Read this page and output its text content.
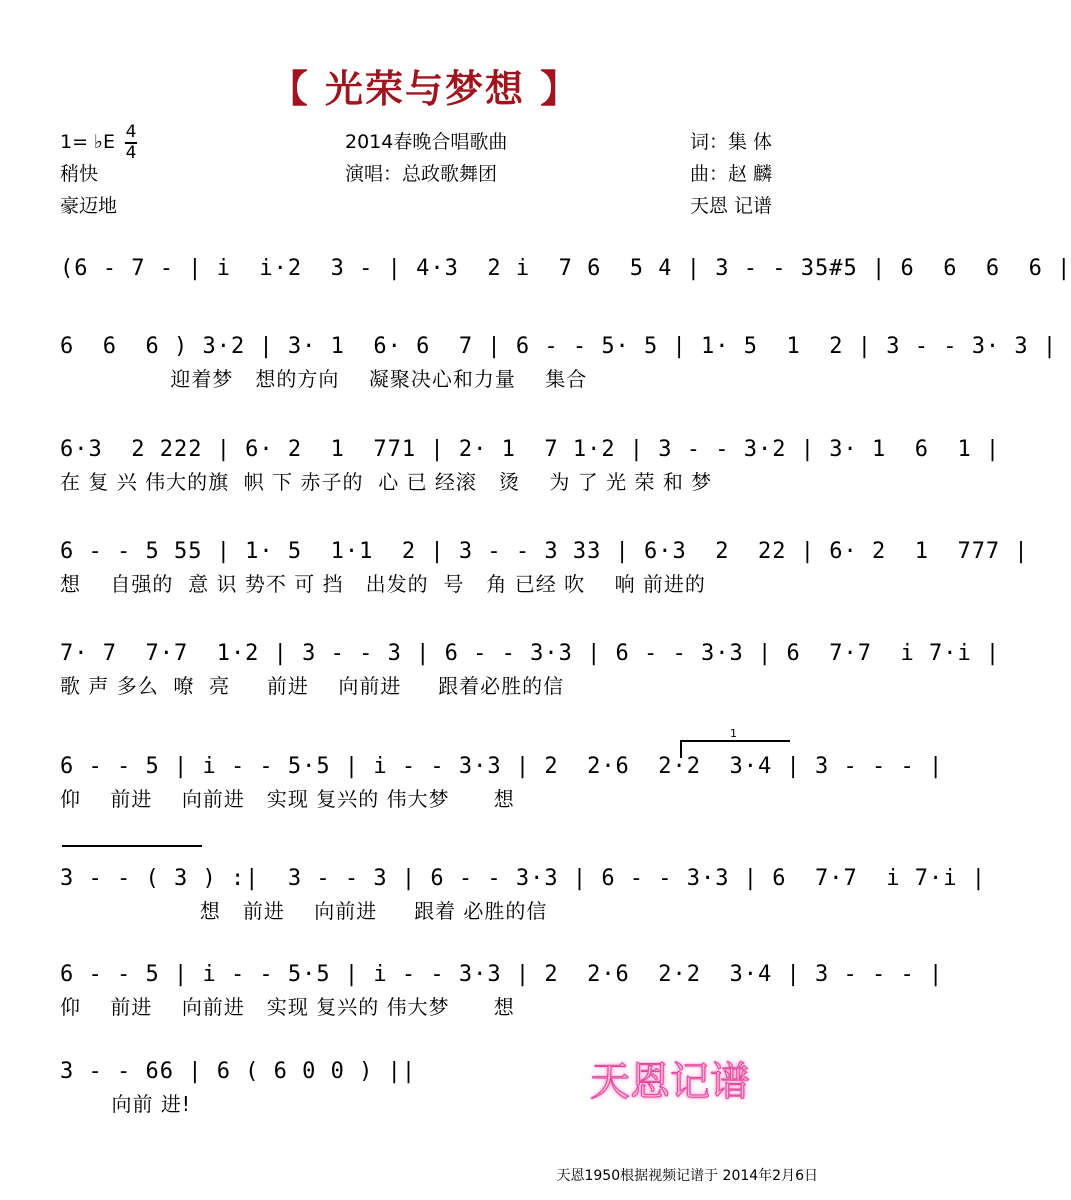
【 光荣与梦想 】
1= ♭E 4
4
稍快
豪迈地
2014春晚合唱歌曲
演唱：总政歌舞团
词：集 体
曲：赵 麟
天恩 记谱
(6 - 7 - | i  i·2  3 - | 4·3  2 i  7 6  5 4 | 3 - - 35#5 | 6  6  6  6 |
6  6  6 ) 3·2 | 3· 1  6· 6  7 | 6 - - 5· 5 | 1· 5  1  2 | 3 - - 3· 3 |
迎着梦   想的方向    凝聚决心和力量    集合
6·3  2 222 | 6· 2  1  771 | 2· 1  7 1·2 | 3 - - 3·2 | 3· 1  6  1 |
在 复 兴 伟大的旗  帜 下 赤子的  心 已 经滚   烫    为 了 光 荣 和 梦
6 - - 5 55 | 1· 5  1·1  2 | 3 - - 3 33 | 6·3  2  22 | 6· 2  1  777 |
想    自强的  意 识 势不 可 挡   出发的  号   角 已经 吹    响 前进的
7· 7  7·7  1·2 | 3 - - 3 | 6 - - 3·3 | 6 - - 3·3 | 6  7·7  i 7·i |
歌 声 多么  嘹  亮     前进    向前进     跟着必胜的信
1
6 - - 5 | i - - 5·5 | i - - 3·3 | 2  2·6  2·2  3·4 | 3 - - - |
仰    前进    向前进   实现 复兴的 伟大梦      想
3 - - ( 3 ) :|  3 - - 3 | 6 - - 3·3 | 6 - - 3·3 | 6  7·7  i 7·i |
想   前进    向前进     跟着 必胜的信
6 - - 5 | i - - 5·5 | i - - 3·3 | 2  2·6  2·2  3·4 | 3 - - - |
仰    前进    向前进   实现 复兴的 伟大梦      想
3 - - 66 | 6 ( 6 0 0 ) ||
向前 进!	天恩记谱
天恩1950根据视频记谱于 2014年2月6日
